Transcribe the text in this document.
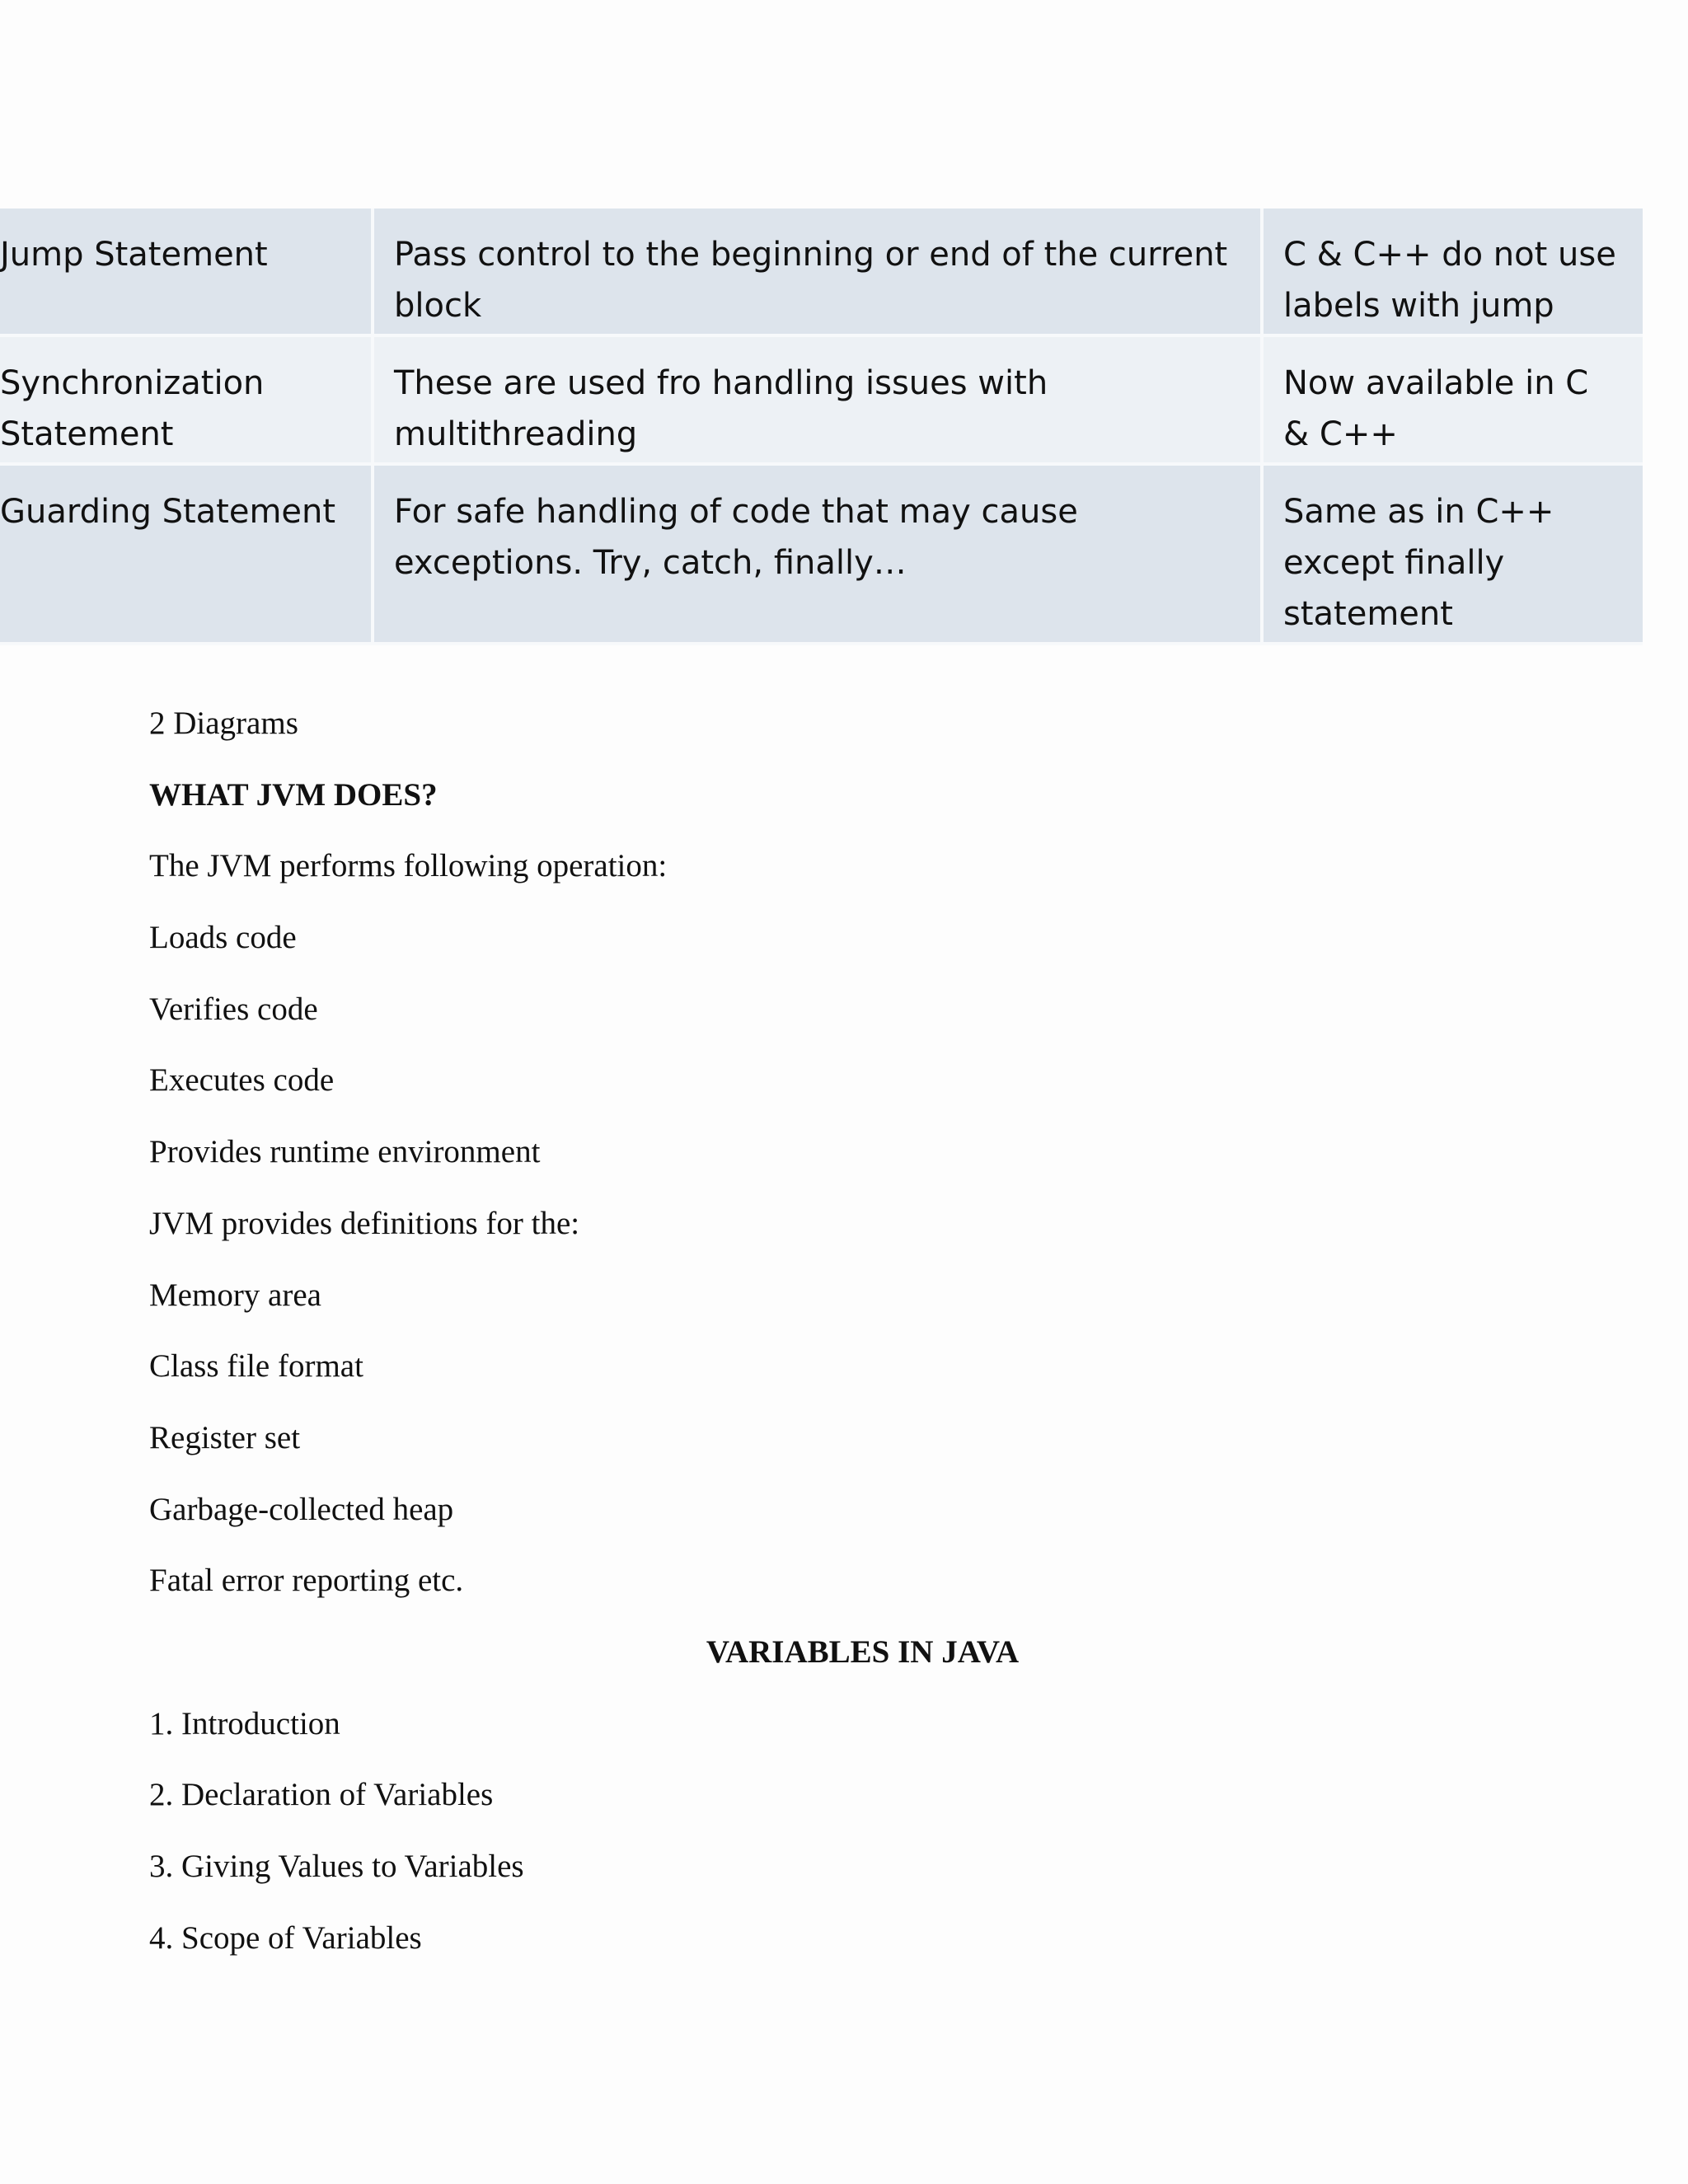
Jump Statement	Pass control to the beginning or end of the current block	C & C++ do not use labels with jump
Synchronization Statement	These are used fro handling issues with multithreading	Now available in C & C++
Guarding Statement	For safe handling of code that may cause exceptions. Try, catch, finally…	Same as in C++ except finally statement

2 Diagrams

WHAT JVM DOES?

The JVM performs following operation:

Loads code

Verifies code

Executes code

Provides runtime environment

JVM provides definitions for the:

Memory area

Class file format

Register set

Garbage-collected heap

Fatal error reporting etc.

VARIABLES IN JAVA

1. Introduction

2. Declaration of Variables

3. Giving Values to Variables

4. Scope of Variables
